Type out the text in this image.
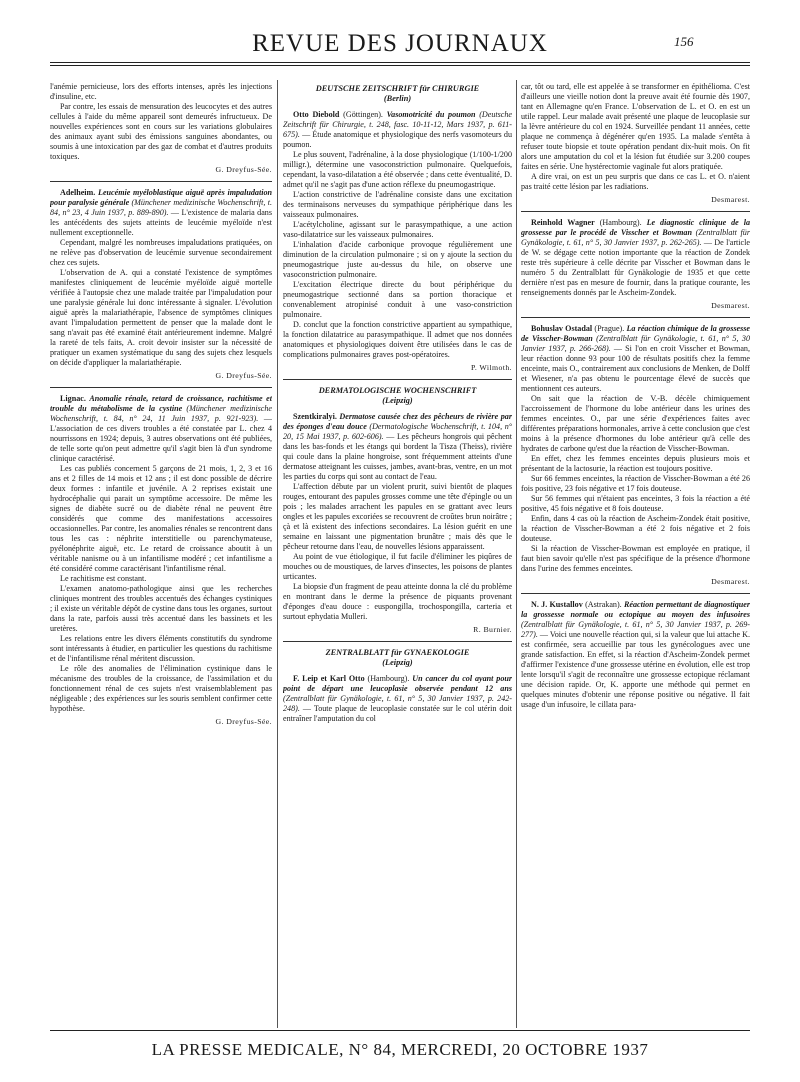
REVUE DES JOURNAUX	156

l'anémie pernicieuse, lors des efforts intenses, après les injections d'insuline, etc.

Par contre, les essais de mensuration des leucocytes et des autres cellules à l'aide du même appareil sont demeurés infructueux. De nouvelles expériences sont en cours sur les variations globulaires des animaux ayant subi des émissions sanguines abondantes, ou soumis à une intoxication par des gaz de combat et d'autres produits toxiques.

G. Dreyfus-Sée.

Adelheim. Leucémie myéloblastique aiguë après impaludation pour paralysie générale (Münchener medizinische Wochenschrift, t. 84, n° 23, 4 Juin 1937, p. 889-890). — L'existence de malaria dans les antécédents des sujets atteints de leucémie myéloïde n'est nullement exceptionnelle.

Cependant, malgré les nombreuses impaludations pratiquées, on ne relève pas d'observation de leucémie survenue secondairement chez ces sujets.

L'observation de A. qui a constaté l'existence de symptômes manifestes cliniquement de leucémie myéloïde aiguë mortelle vérifiée à l'autopsie chez une malade traitée par l'impaludation pour une paralysie générale lui donc intéressante à signaler. L'évolution aiguë après la malariathérapie, l'absence de symptômes cliniques avant l'impaludation permettent de penser que la malade dont le sang n'avait pas été examiné était antérieurement indemne. Malgré la rareté de tels faits, A. croit devoir insister sur la nécessité de pratiquer un examen systématique du sang des sujets chez lesquels on décide d'appliquer la malariathérapie.

G. Dreyfus-Sée.

Lignac. Anomalie rénale, retard de croissance, rachitisme et trouble du métabolisme de la cystine (Münchener medizinische Wochenschrift, t. 84, n° 24, 11 Juin 1937, p. 921-923). — L'association de ces divers troubles a été constatée par L. chez 4 nourrissons en 1924; depuis, 3 autres observations ont été publiées, de telle sorte qu'on peut admettre qu'il s'agit bien là d'un syndrome clinique caractérisé.

Les cas publiés concernent 5 garçons de 21 mois, 1, 2, 3 et 16 ans et 2 filles de 14 mois et 12 ans ; il est donc possible de décrire deux formes : infantile et juvénile. A 2 reprises existait une hydrocéphalie qui parait un symptôme accessoire. De même les signes de diabète sucré ou de diabète rénal ne peuvent être considérés que comme des manifestations accessoires occasionnelles. Par contre, les anomalies rénales se rencontrent dans tous les cas : néphrite interstitielle ou parenchymateuse, pyélonéphrite aiguë, etc. Le retard de croissance aboutit à un véritable nanisme ou à un infantilisme modéré ; cet infantilisme a été considéré comme caractérisant l'infantilisme rénal.

Le rachitisme est constant.

L'examen anatomo-pathologique ainsi que les recherches cliniques montrent des troubles accentués des échanges cystiniques ; il existe un véritable dépôt de cystine dans tous les organes, surtout dans la rate, parfois aussi très accentué dans les bassinets et les uretères.

Les relations entre les divers éléments constitutifs du syndrome sont intéressants à étudier, en particulier les questions du rachitisme et de l'infantilisme rénal méritent discussion.

Le rôle des anomalies de l'élimination cystinique dans le mécanisme des troubles de la croissance, de l'assimilation et du fonctionnement rénal de ces sujets n'est vraisemblablement pas négligeable ; des expériences sur les souris semblent confirmer cette hypothèse.

G. Dreyfus-Sée.
DEUTSCHE ZEITSCHRIFT für CHIRURGIE
(Berlin)

Otto Diebold (Göttingen). Vasomotricité du poumon (Deutsche Zeitschrift für Chirurgie, t. 248, fasc. 10-11-12, Mars 1937, p. 611-675). — Étude anatomique et physiologique des nerfs vasomoteurs du poumon.

Le plus souvent, l'adrénaline, à la dose physiologique (1/100-1/200 milligr.), détermine une vasoconstriction pulmonaire. Quelquefois, cependant, la vaso-dilatation a été observée ; dans cette éventualité, D. admet qu'il ne s'agit pas d'une action réflexe du pneumogastrique.

L'action constrictive de l'adrénaline consiste dans une excitation des terminaisons nerveuses du sympathique périphérique dans les vaisseaux pulmonaires.

L'acétylcholine, agissant sur le parasympathique, a une action vaso-dilatatrice sur les vaisseaux pulmonaires.

L'inhalation d'acide carbonique provoque régulièrement une diminution de la circulation pulmonaire ; si on y ajoute la section du pneumogastrique juste au-dessus du hile, on observe une vasoconstriction pulmonaire.

L'excitation électrique directe du bout périphérique du pneumogastrique sectionné dans sa portion thoracique et convenablement atropinisé conduit à une vaso-constriction pulmonaire.

D. conclut que la fonction constrictive appartient au sympathique, la fonction dilatatrice au parasympathique. Il admet que nos données anatomiques et physiologiques doivent être utilisées dans le cas de complications pulmonaires graves post-opératoires.

P. Wilmoth.
DERMATOLOGISCHE WOCHENSCHRIFT
(Leipzig)

Szentkiralyi. Dermatose causée chez des pêcheurs de rivière par des éponges d'eau douce (Dermatologische Wochenschrift, t. 104, n° 20, 15 Mai 1937, p. 602-606). — Les pêcheurs hongrois qui pêchent dans les bas-fonds et les étangs qui bordent la Tisza (Theiss), rivière qui coule dans la plaine hongroise, sont fréquemment atteints d'une dermatose atteignant les cuisses, jambes, avant-bras, ventre, en un mot les parties du corps qui sont au contact de l'eau.

L'affection débute par un violent prurit, suivi bientôt de plaques rouges, entourant des papules grosses comme une tête d'épingle ou un pois ; les malades arrachent les papules en se grattant avec leurs ongles et les papules excoriées se recouvrent de croûtes brun noirâtre ; çà et là existent des infections secondaires. La lésion guérit en une semaine en laissant une pigmentation brunâtre ; mais dès que le pêcheur retourne dans l'eau, de nouvelles lésions apparaissent.

Au point de vue étiologique, il fut facile d'éliminer les piqûres de mouches ou de moustiques, de larves d'insectes, les poisons de plantes urticantes.

La biopsie d'un fragment de peau atteinte donna la clé du problème en montrant dans le derme la présence de piquants provenant d'éponges d'eau douce : euspongilla, trochospongilla, carteria et surtout ephydatia Mulleri.

R. Burnier.
ZENTRALBLATT für GYNAEKOLOGIE
(Leipzig)

F. Leip et Karl Otto (Hambourg). Un cancer du col ayant pour point de départ une leucoplasie observée pendant 12 ans (Zentralblatt für Gynäkologie, t. 61, n° 5, 30 Janvier 1937, p. 242-248). — Toute plaque de leucoplasie constatée sur le col utérin doit entraîner l'amputation du col

car, tôt ou tard, elle est appelée à se transformer en épithélioma. C'est d'ailleurs une vieille notion dont la preuve avait été fournie dès 1907, tant en Allemagne qu'en France. L'observation de L. et O. en est un utile rappel. Leur malade avait présenté une plaque de leucoplasie sur la lèvre antérieure du col en 1924. Surveillée pendant 11 années, cette plaque ne commença à dégénérer qu'en 1935. La malade s'entêta à refuser toute biopsie et toute opération pendant dix-huit mois. On fit alors une amputation du col et la lésion fut étudiée sur 3.200 coupes faites en série. Une hystérectomie vaginale fut alors pratiquée.

A dire vrai, on est un peu surpris que dans ce cas L. et O. n'aient pas traité cette lésion par les radiations.

Desmarest.

Reinhold Wagner (Hambourg). Le diagnostic clinique de la grossesse par le procédé de Visscher et Bowman (Zentralblatt für Gynäkologie, t. 61, n° 5, 30 Janvier 1937, p. 262-265). — De l'article de W. se dégage cette notion importante que la réaction de Zondek reste très supérieure à celle décrite par Visscher et Bowman dans le numéro 5 du Zentralblatt für Gynäkologie de 1935 et que cette dernière n'est pas en mesure de fournir, dans la pratique courante, les renseignements donnés par le Ascheim-Zondek.

Desmarest.

Bohuslav Ostadal (Prague). La réaction chimique de la grossesse de Visscher-Bowman (Zentralblatt für Gynäkologie, t. 61, n° 5, 30 Janvier 1937, p. 266-268). — Si l'on en croit Visscher et Bowman, leur réaction donne 93 pour 100 de résultats positifs chez la femme enceinte, mais O., contrairement aux conclusions de Menken, de Dolff et Wiesener, n'a pas obtenu le pourcentage élevé de succès que mentionnent ces auteurs.

On sait que la réaction de V.-B. décèle chimiquement l'accroissement de l'hormone du lobe antérieur dans les urines des femmes enceintes. O., par une série d'expériences faites avec différentes préparations hormonales, arrive à cette conclusion que c'est moins à la présence d'hormones du lobe antérieur qu'à celle des hydrates de carbone qu'est due la réaction de Visscher-Bowman.

En effet, chez les femmes enceintes depuis plusieurs mois et présentant de la lactosurie, la réaction est toujours positive.

Sur 66 femmes enceintes, la réaction de Visscher-Bowman a été 26 fois positive, 23 fois négative et 17 fois douteuse.

Sur 56 femmes qui n'étaient pas enceintes, 3 fois la réaction a été positive, 45 fois négative et 8 fois douteuse.

Enfin, dans 4 cas où la réaction de Ascheim-Zondek était positive, la réaction de Visscher-Bowman a été 2 fois négative et 2 fois douteuse.

Si la réaction de Visscher-Bowman est employée en pratique, il faut bien savoir qu'elle n'est pas spécifique de la présence d'hormone dans l'urine des femmes enceintes.

Desmarest.

N. J. Kustallov (Astrakan). Réaction permettant de diagnostiquer la grossesse normale ou ectopique au moyen des infusoires (Zentralblatt für Gynäkologie, t. 61, n° 5, 30 Janvier 1937, p. 269-277). — Voici une nouvelle réaction qui, si la valeur que lui attache K. est confirmée, sera accueillie par tous les gynécologues avec une grande satisfaction. En effet, si la réaction d'Ascheim-Zondek permet d'affirmer l'existence d'une grossesse utérine en évolution, elle est trop lente lorsqu'il s'agit de reconnaître une grossesse ectopique réclamant une décision rapide. Or, K. apporte une méthode qui permet en quelques minutes d'obtenir une réponse positive ou négative. Il fait usage d'un infusoire, le cillata para-

LA PRESSE MEDICALE, N° 84, MERCREDI, 20 OCTOBRE 1937
